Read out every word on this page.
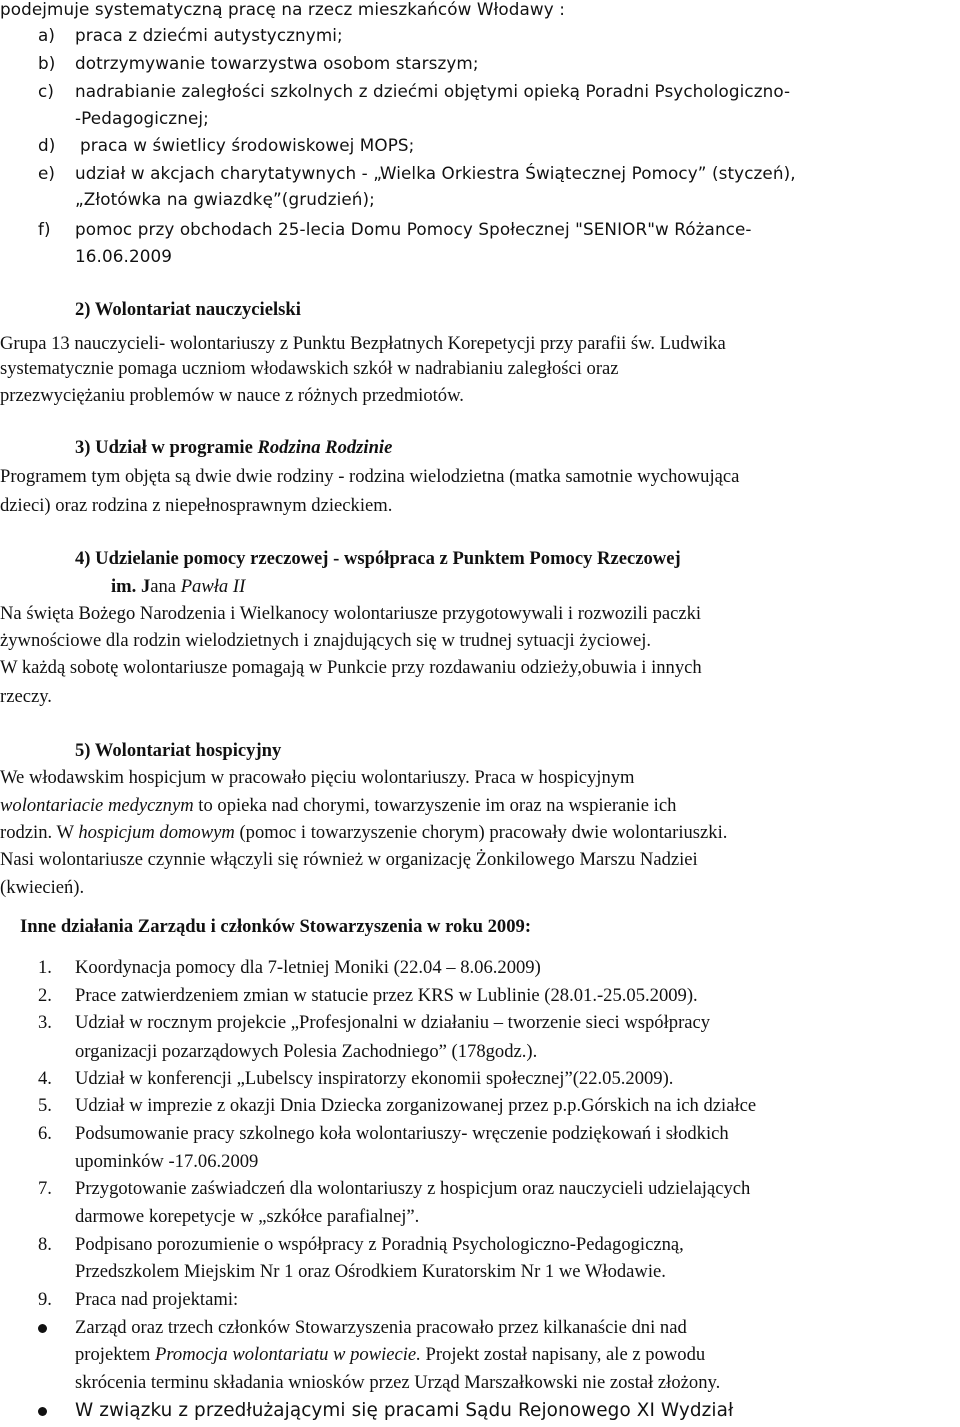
podejmuje systematyczną pracę na rzecz mieszkańców Włodawy :
a) praca z dziećmi autystycznymi;
b) dotrzymywanie towarzystwa osobom starszym;
c) nadrabianie zaległości szkolnych z dziećmi objętymi opieką Poradni Psychologiczno-
-Pedagogicznej;
d) praca w świetlicy środowiskowej MOPS;
e) udział w akcjach charytatywnych - „Wielka Orkiestra Świątecznej Pomocy” (styczeń),
„Złotówka na gwiazdkę”(grudzień);
f) pomoc przy obchodach 25-lecia Domu Pomocy Społecznej "SENIOR"w Różance-
16.06.2009
2) Wolontariat nauczycielski
Grupa 13 nauczycieli- wolontariuszy z Punktu Bezpłatnych Korepetycji przy parafii św. Ludwika
systematycznie pomaga uczniom włodawskich szkół w nadrabianiu zaległości oraz
przezwyciężaniu problemów w nauce z różnych przedmiotów.
3) Udział w programie Rodzina Rodzinie
Programem tym objęta są dwie dwie rodziny - rodzina wielodzietna (matka samotnie wychowująca
dzieci) oraz rodzina z niepełnosprawnym dzieckiem.
4) Udzielanie pomocy rzeczowej - współpraca z Punktem Pomocy Rzeczowej
im. Jana Pawła II
Na święta Bożego Narodzenia i Wielkanocy wolontariusze przygotowywali i rozwozili paczki
żywnościowe dla rodzin wielodzietnych i znajdujących się w trudnej sytuacji życiowej.
W każdą sobotę wolontariusze pomagają w Punkcie przy rozdawaniu odzieży,obuwia i innych
rzeczy.
5) Wolontariat hospicyjny
We włodawskim hospicjum w pracowało pięciu wolontariuszy. Praca w hospicyjnym
wolontariacie medycznym to opieka nad chorymi, towarzyszenie im oraz na wspieranie ich
rodzin. W hospicjum domowym (pomoc i towarzyszenie chorym) pracowały dwie wolontariuszki.
Nasi wolontariusze czynnie włączyli się również w organizację Żonkilowego Marszu Nadziei
(kwiecień).
Inne działania Zarządu i członków Stowarzyszenia w roku 2009:
1. Koordynacja pomocy dla 7-letniej Moniki (22.04 – 8.06.2009)
2. Prace zatwierdzeniem zmian w statucie przez KRS w Lublinie (28.01.-25.05.2009).
3. Udział w rocznym projekcie „Profesjonalni w działaniu – tworzenie sieci współpracy
organizacji pozarządowych Polesia Zachodniego” (178godz.).
4. Udział w konferencji „Lubelscy inspiratorzy ekonomii społecznej”(22.05.2009).
5. Udział w imprezie z okazji Dnia Dziecka zorganizowanej przez p.p.Górskich na ich działce
6. Podsumowanie pracy szkolnego koła wolontariuszy- wręczenie podziękowań i słodkich
upominków -17.06.2009
7. Przygotowanie zaświadczeń dla wolontariuszy z hospicjum oraz nauczycieli udzielających
darmowe korepetycje w „szkółce parafialnej”.
8. Podpisano porozumienie o współpracy z Poradnią Psychologiczno-Pedagogiczną,
Przedszkolem Miejskim Nr 1 oraz Ośrodkiem Kuratorskim Nr 1 we Włodawie.
9. Praca nad projektami:
Zarząd oraz trzech członków Stowarzyszenia pracowało przez kilkanaście dni nad
projektem Promocja wolontariatu w powiecie. Projekt został napisany, ale z powodu
skrócenia terminu składania wniosków przez Urząd Marszałkowski nie został złożony.
W związku z przedłużającymi się pracami Sądu Rejonowego XI Wydział
